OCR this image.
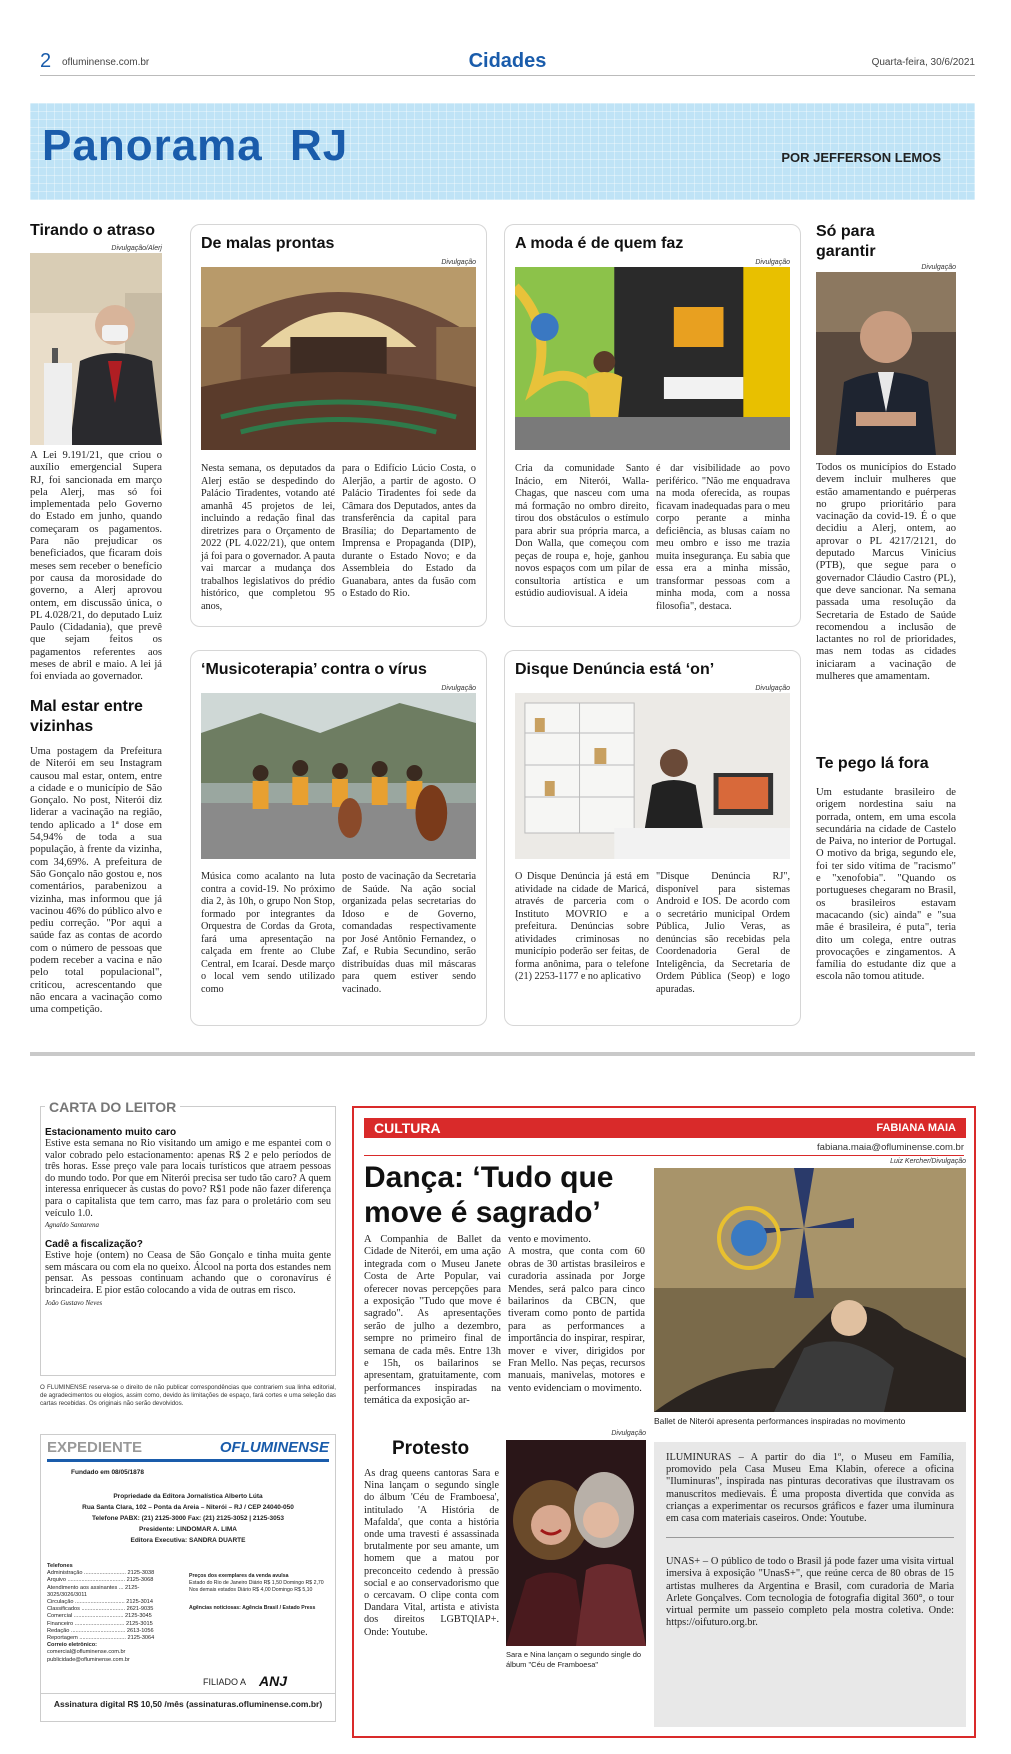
2 ofluminense.com.br	Cidades	Quarta-feira, 30/6/2021
Panorama RJ	POR JEFFERSON LEMOS
Tirando o atraso
Divulgação/Alerj
A Lei 9.191/21, que criou o auxílio emergencial Supera RJ, foi sancionada em março pela Alerj, mas só foi implementada pelo Governo do Estado em junho, quando começaram os pagamentos. Para não prejudicar os beneficiados, que ficaram dois meses sem receber o benefício por causa da morosidade do governo, a Alerj aprovou ontem, em discussão única, o PL 4.028/21, do deputado Luiz Paulo (Cidadania), que prevê que sejam feitos os pagamentos referentes aos meses de abril e maio. A lei já foi enviada ao governador.
Mal estar entre vizinhas
Uma postagem da Prefeitura de Niterói em seu Instagram causou mal estar, ontem, entre a cidade e o município de São Gonçalo. No post, Niterói diz liderar a vacinação na região, tendo aplicado a 1ª dose em 54,94% de toda a sua população, à frente da vizinha, com 34,69%. A prefeitura de São Gonçalo não gostou e, nos comentários, parabenizou a vizinha, mas informou que já vacinou 46% do público alvo e pediu correção. "Por aqui a saúde faz as contas de acordo com o número de pessoas que podem receber a vacina e não pelo total populacional", criticou, acrescentando que não encara a vacinação como uma competição.
De malas prontas
Divulgação
Nesta semana, os deputados da Alerj estão se despedindo do Palácio Tiradentes, votando até amanhã 45 projetos de lei, incluindo a redação final das diretrizes para o Orçamento de 2022 (PL 4.022/21), que ontem já foi para o governador. A pauta vai marcar a mudança dos trabalhos legislativos do prédio histórico, que completou 95 anos,
para o Edifício Lúcio Costa, o Alerjão, a partir de agosto. O Palácio Tiradentes foi sede da Câmara dos Deputados, antes da transferência da capital para Brasília; do Departamento de Imprensa e Propaganda (DIP), durante o Estado Novo; e da Assembleia do Estado da Guanabara, antes da fusão com o Estado do Rio.
A moda é de quem faz
Divulgação
Cria da comunidade Santo Inácio, em Niterói, Walla-Chagas, que nasceu com uma má formação no ombro direito, tirou dos obstáculos o estímulo para abrir sua própria marca, a Don Walla, que começou com peças de roupa e, hoje, ganhou novos espaços com um pilar de consultoria artística e um estúdio audiovisual. A ideia
é dar visibilidade ao povo periférico. "Não me enquadrava na moda oferecida, as roupas ficavam inadequadas para o meu corpo perante a minha deficiência, as blusas caíam no meu ombro e isso me trazia muita insegurança. Eu sabia que essa era a minha missão, transformar pessoas com a minha moda, com a nossa filosofia", destaca.
Só para garantir
Divulgação
Todos os municípios do Estado devem incluir mulheres que estão amamentando e puérperas no grupo prioritário para vacinação da covid-19. É o que decidiu a Alerj, ontem, ao aprovar o PL 4217/2121, do deputado Marcus Vinicius (PTB), que segue para o governador Cláudio Castro (PL), que deve sancionar. Na semana passada uma resolução da Secretaria de Estado de Saúde recomendou a inclusão de lactantes no rol de prioridades, mas nem todas as cidades iniciaram a vacinação de mulheres que amamentam.
Te pego lá fora
Um estudante brasileiro de origem nordestina saiu na porrada, ontem, em uma escola secundária na cidade de Castelo de Paiva, no interior de Portugal. O motivo da briga, segundo ele, foi ter sido vítima de "racismo" e "xenofobia". "Quando os portugueses chegaram no Brasil, os brasileiros estavam macacando (sic) ainda" e "sua mãe é brasileira, é puta", teria dito um colega, entre outras provocações e zingamentos. A família do estudante diz que a escola não tomou atitude.
‘Musicoterapia’ contra o vírus
Divulgação
Música como acalanto na luta contra a covid-19. No próximo dia 2, às 10h, o grupo Non Stop, formado por integrantes da Orquestra de Cordas da Grota, fará uma apresentação na calçada em frente ao Clube Central, em Icaraí. Desde março o local vem sendo utilizado como
posto de vacinação da Secretaria de Saúde. Na ação social organizada pelas secretarias do Idoso e de Governo, comandadas respectivamente por José Antônio Fernandez, o Zaf, e Rubia Secundino, serão distribuídas duas mil máscaras para quem estiver sendo vacinado.
Disque Denúncia está ‘on’
Divulgação
O Disque Denúncia já está em atividade na cidade de Maricá, através de parceria com o Instituto MOVRIO e a prefeitura. Denúncias sobre atividades criminosas no município poderão ser feitas, de forma anônima, para o telefone (21) 2253-1177 e no aplicativo
"Disque Denúncia RJ", disponível para sistemas Android e IOS. De acordo com o secretário municipal Ordem Pública, Julio Veras, as denúncias são recebidas pela Coordenadoria Geral de Inteligência, da Secretaria de Ordem Pública (Seop) e logo apuradas.
CARTA DO LEITOR
Estacionamento muito caro
Estive esta semana no Rio visitando um amigo e me espantei com o valor cobrado pelo estacionamento: apenas R$ 2 e pelo períodos de três horas. Esse preço vale para locais turísticos que atraem pessoas do mundo todo. Por que em Niterói precisa ser tudo tão caro? A quem interessa enriquecer às custas do povo? R$1 pode não fazer diferença para o capitalista que tem carro, mas faz para o proletário com seu veículo 1.0.
Agnaldo Santarena
Cadê a fiscalização?
Estive hoje (ontem) no Ceasa de São Gonçalo e tinha muita gente sem máscara ou com ela no queixo. Álcool na porta dos estandes nem pensar. As pessoas continuam achando que o coronavírus é brincadeira. E pior estão colocando a vida de outras em risco.
João Gustavo Neves
O FLUMINENSE reserva-se o direito de não publicar correspondências que contrariem sua linha editorial, de agradecimentos ou elogios, assim como, devido às limitações de espaço, fará cortes e uma seleção das cartas recebidas. Os originais não serão devolvidos.
EXPEDIENTE	OFLUMINENSE
Fundado em 08/05/1878
Propriedade da Editora Jornalística Alberto Lúta
Rua Santa Clara, 102 – Ponta da Areia – Niterói – RJ / CEP 24040-050
Telefone PABX: (21) 2125-3000 Fax: (21) 2125-3052 | 2125-3053
Presidente: LINDOMAR A. LIMA
Editora Executiva: SANDRA DUARTE
Telefones
Administração ........................... 2125-3038
Arquivo ..................................... 2125-3068
Atendimento aos assinantes ... 2125-3025/3026/3011
Circulação ................................ 2125-3014
Classificados ............................ 2621-9035
Comercial ................................ 2125-3045
Financeiro ................................ 2125-3015
Redação ................................... 2613-1056
Reportagem .............................. 2125-3064
Correio eletrônico:
comercial@ofluminense.com.br
publicidade@ofluminense.com.br
Preços dos exemplares da venda avulsa
Estado do Rio de Janeiro Diário R$ 1,50 Domingo R$ 2,70
Nos demais estados Diário R$ 4,00 Domingo R$ 5,10
Agências noticiosas: Agência Brasil / Estado Press
FILIADO A ANJ
Assinatura digital R$ 10,50 /mês (assinaturas.ofluminense.com.br)
CULTURA	FABIANA MAIA
fabiana.maia@ofluminense.com.br
Dança: ‘Tudo que move é sagrado’
A Companhia de Ballet da Cidade de Niterói, em uma ação integrada com o Museu Janete Costa de Arte Popular, vai oferecer novas percepções para a exposição "Tudo que move é sagrado". As apresentações serão de julho a dezembro, sempre no primeiro final de semana de cada mês. Entre 13h e 15h, os bailarinos se apresentam, gratuitamente, com performances inspiradas na temática da exposição ar-
vento e movimento.
A mostra, que conta com 60 obras de 30 artistas brasileiros e curadoria assinada por Jorge Mendes, será palco para cinco bailarinos da CBCN, que tiveram como ponto de partida para as performances a importância do inspirar, respirar, mover e viver, dirigidos por Fran Mello. Nas peças, recursos manuais, manivelas, motores e vento evidenciam o movimento.
Luiz Kercher/Divulgação
Ballet de Niterói apresenta performances inspiradas no movimento
Protesto
As drag queens cantoras Sara e Nina lançam o segundo single do álbum 'Céu de Framboesa', intitulado 'A História de Mafalda', que conta a história onde uma travesti é assassinada brutalmente por seu amante, um homem que a matou por preconceito cedendo à pressão social e ao conservadorismo que o cercavam. O clipe conta com Dandara Vital, artista e ativista dos direitos LGBTQIAP+. Onde: Youtube.
Divulgação
Sara e Nina lançam o segundo single do álbum "Céu de Framboesa"
ILUMINURAS – A partir do dia 1º, o Museu em Família, promovido pela Casa Museu Ema Klabin, oferece a oficina "Iluminuras", inspirada nas pinturas decorativas que ilustravam os manuscritos medievais. É uma proposta divertida que convida as crianças a experimentar os recursos gráficos e fazer uma iluminura em casa com materiais caseiros. Onde: Youtube.
UNAS+ – O público de todo o Brasil já pode fazer uma visita virtual imersiva à exposição "UnasS+", que reúne cerca de 80 obras de 15 artistas mulheres da Argentina e Brasil, com curadoria de Maria Arlete Gonçalves. Com tecnologia de fotografia digital 360°, o tour virtual permite um passeio completo pela mostra coletiva. Onde: https://oifuturo.org.br.
